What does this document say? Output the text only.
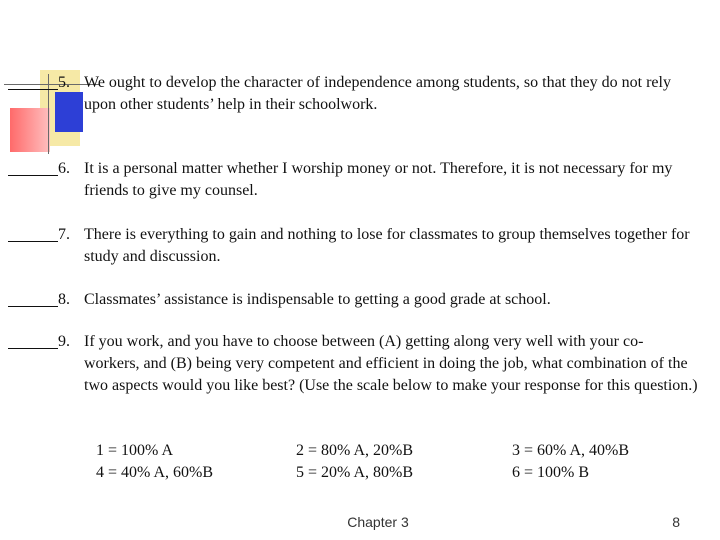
5. We ought to develop the character of independence among students, so that they do not rely upon other students’ help in their schoolwork.
6. It is a personal matter whether I worship money or not. Therefore, it is not necessary for my friends to give my counsel.
7. There is everything to gain and nothing to lose for classmates to group themselves together for study and discussion.
8. Classmates’ assistance is indispensable to getting a good grade at school.
9. If you work, and you have to choose between (A) getting along very well with your co-workers, and (B) being very competent and efficient in doing the job, what combination of the two aspects would you like best? (Use the scale below to make your response for this question.)
1 = 100% A	2 = 80% A, 20%B	3 = 60% A, 40%B
4 = 40% A, 60%B	5 = 20% A, 80%B	6 = 100% B
Chapter 3	8
